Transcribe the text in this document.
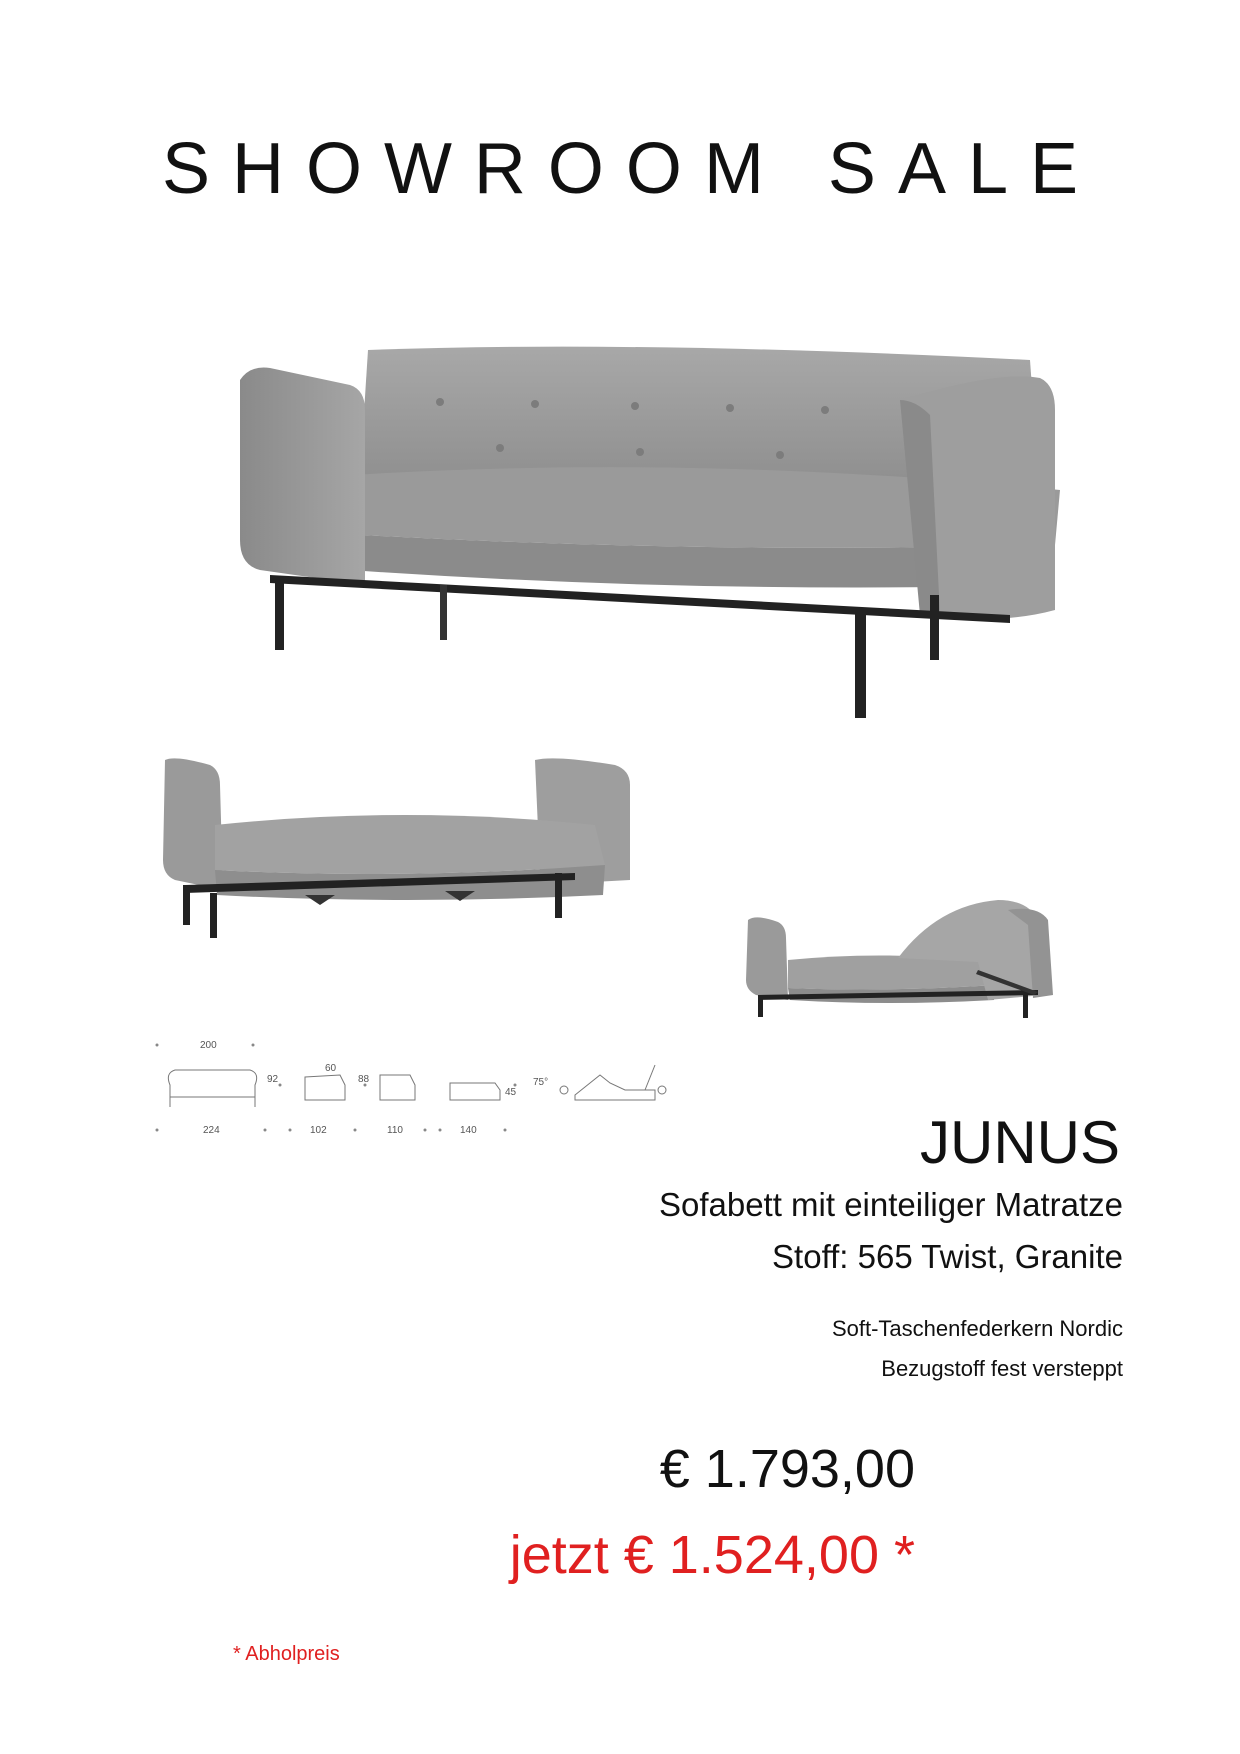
SHOWROOM SALE
200
92
60
88
45
75°
224	102	110	140	JUNUS
Sofabett mit einteiliger Matratze
Stoff: 565 Twist, Granite
Soft-Taschenfederkern Nordic
Bezugstoff fest versteppt
€ 1.793,00
jetzt € 1.524,00 *
* Abholpreis
